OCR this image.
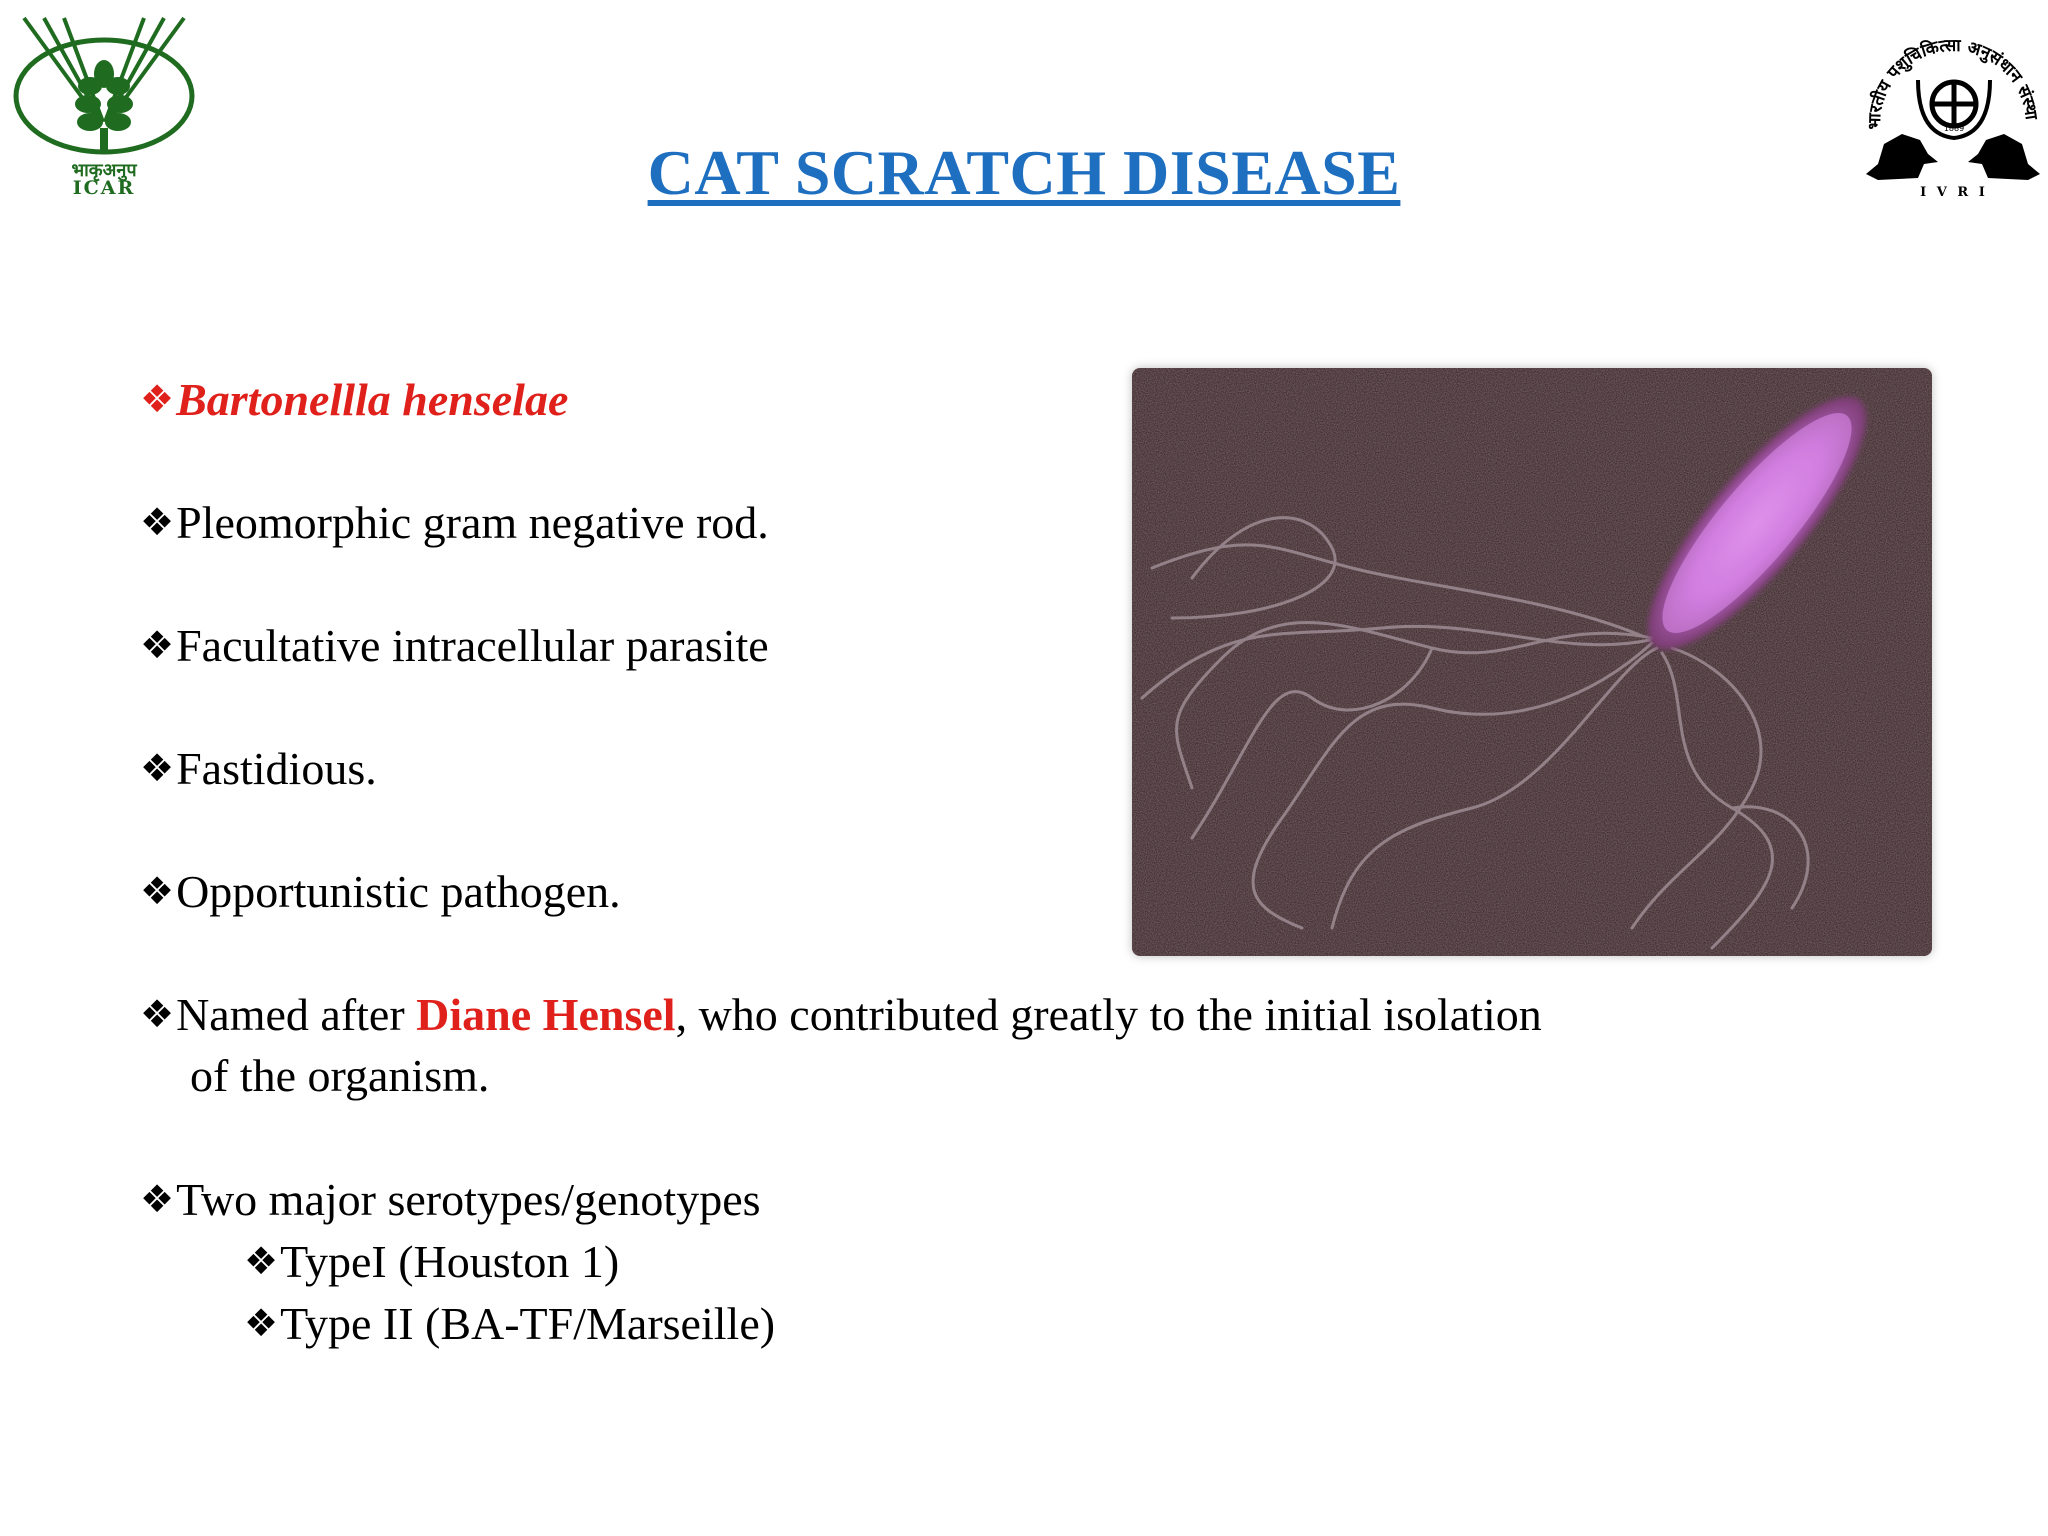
भाकृअनुप
ICAR
भारतीय पशुचिकित्सा अनुसंधान संस्था
1889
I V R I
CAT SCRATCH DISEASE
❖Bartonellla henselae
❖Pleomorphic gram negative rod.
❖Facultative intracellular parasite
❖Fastidious.
❖Opportunistic pathogen.
❖Named after Diane Hensel, who contributed greatly to the initial isolation
of the organism.
❖Two major serotypes/genotypes
❖TypeI (Houston 1)
❖Type II (BA-TF/Marseille)
